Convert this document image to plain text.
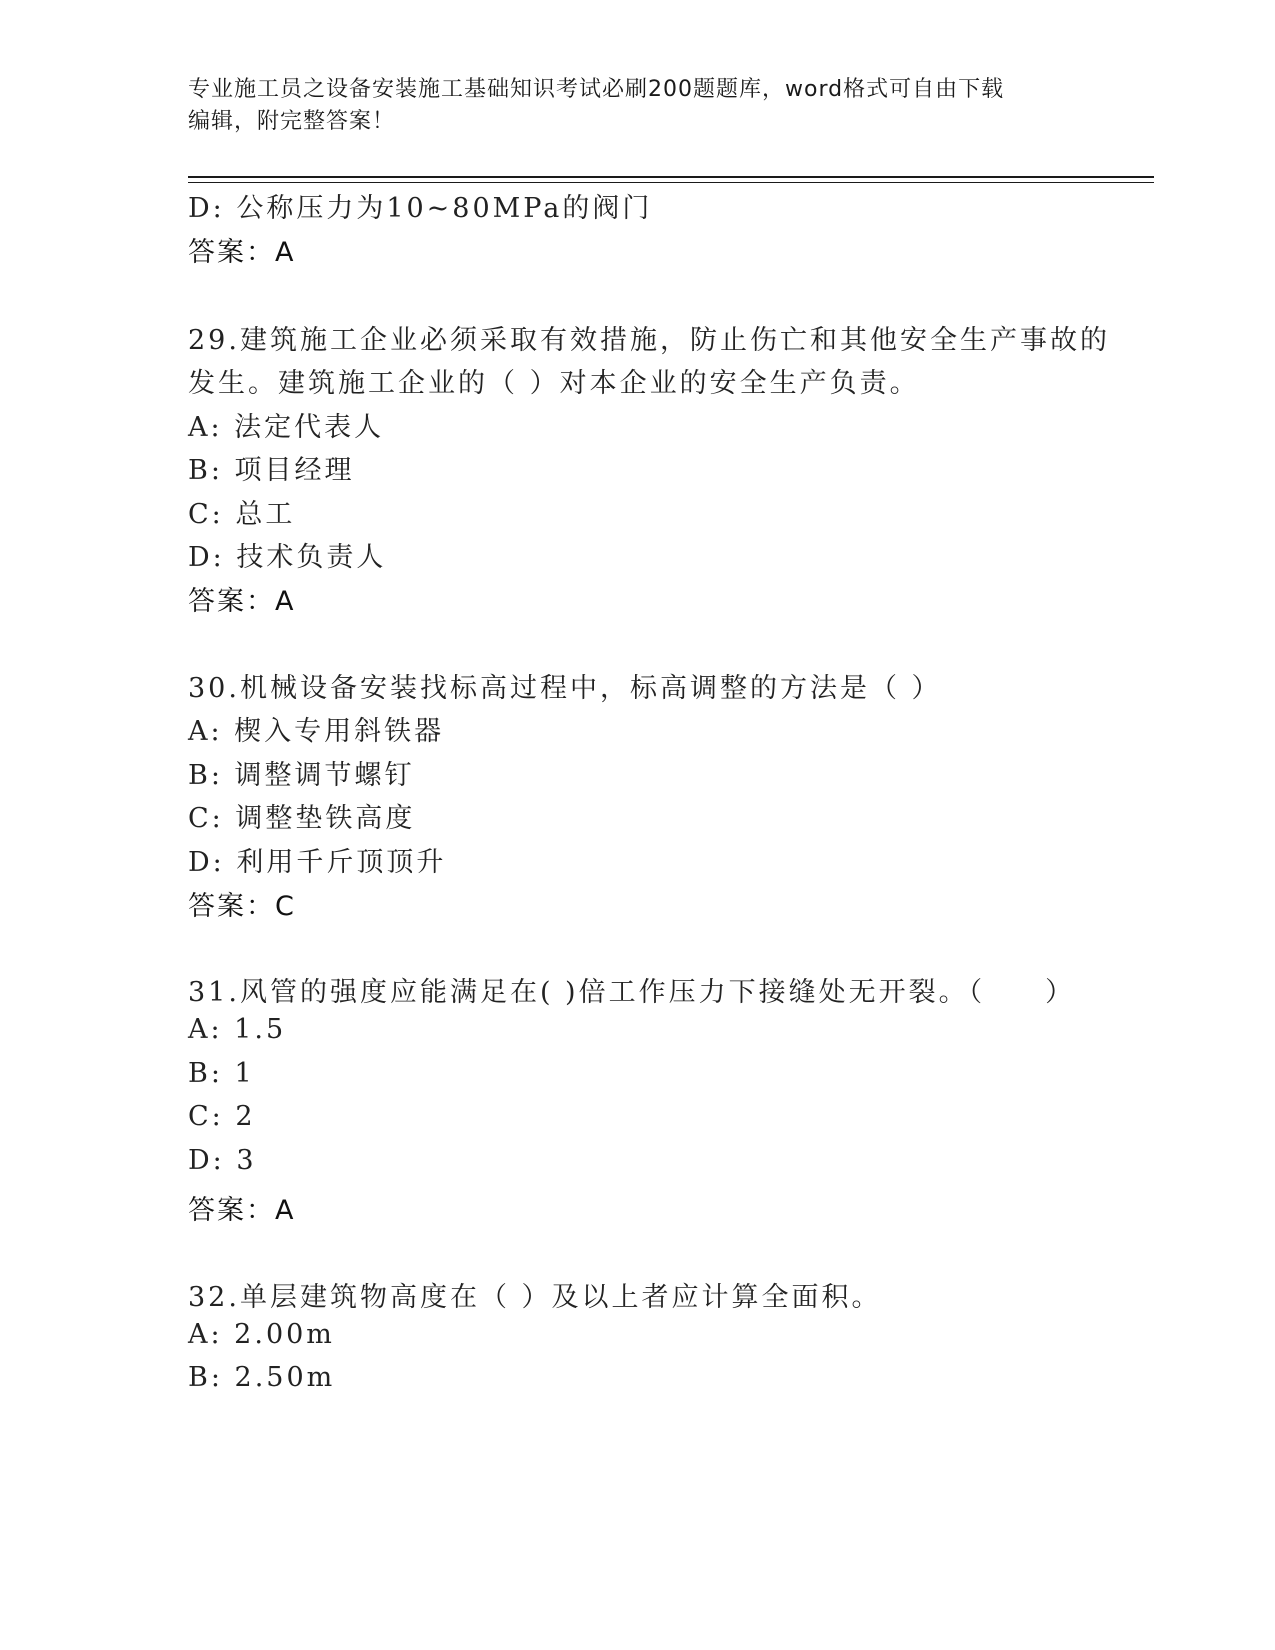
专业施工员之设备安装施工基础知识考试必刷200题题库，word格式可自由下载
编辑，附完整答案！
D: 公称压力为10~80MPa的阀门
答案：A
29.建筑施工企业必须采取有效措施，防止伤亡和其他安全生产事故的
发生。建筑施工企业的（ ）对本企业的安全生产负责。
A: 法定代表人
B: 项目经理
C: 总工
D: 技术负责人
答案：A
30.机械设备安装找标高过程中，标高调整的方法是（ ）
A: 楔入专用斜铁器
B: 调整调节螺钉
C: 调整垫铁高度
D: 利用千斤顶顶升
答案：C
31.风管的强度应能满足在( )倍工作压力下接缝处无开裂。（　　）
A: 1.5
B: 1
C: 2
D: 3
答案：A
32.单层建筑物高度在（ ）及以上者应计算全面积。
A: 2.00m
B: 2.50m
